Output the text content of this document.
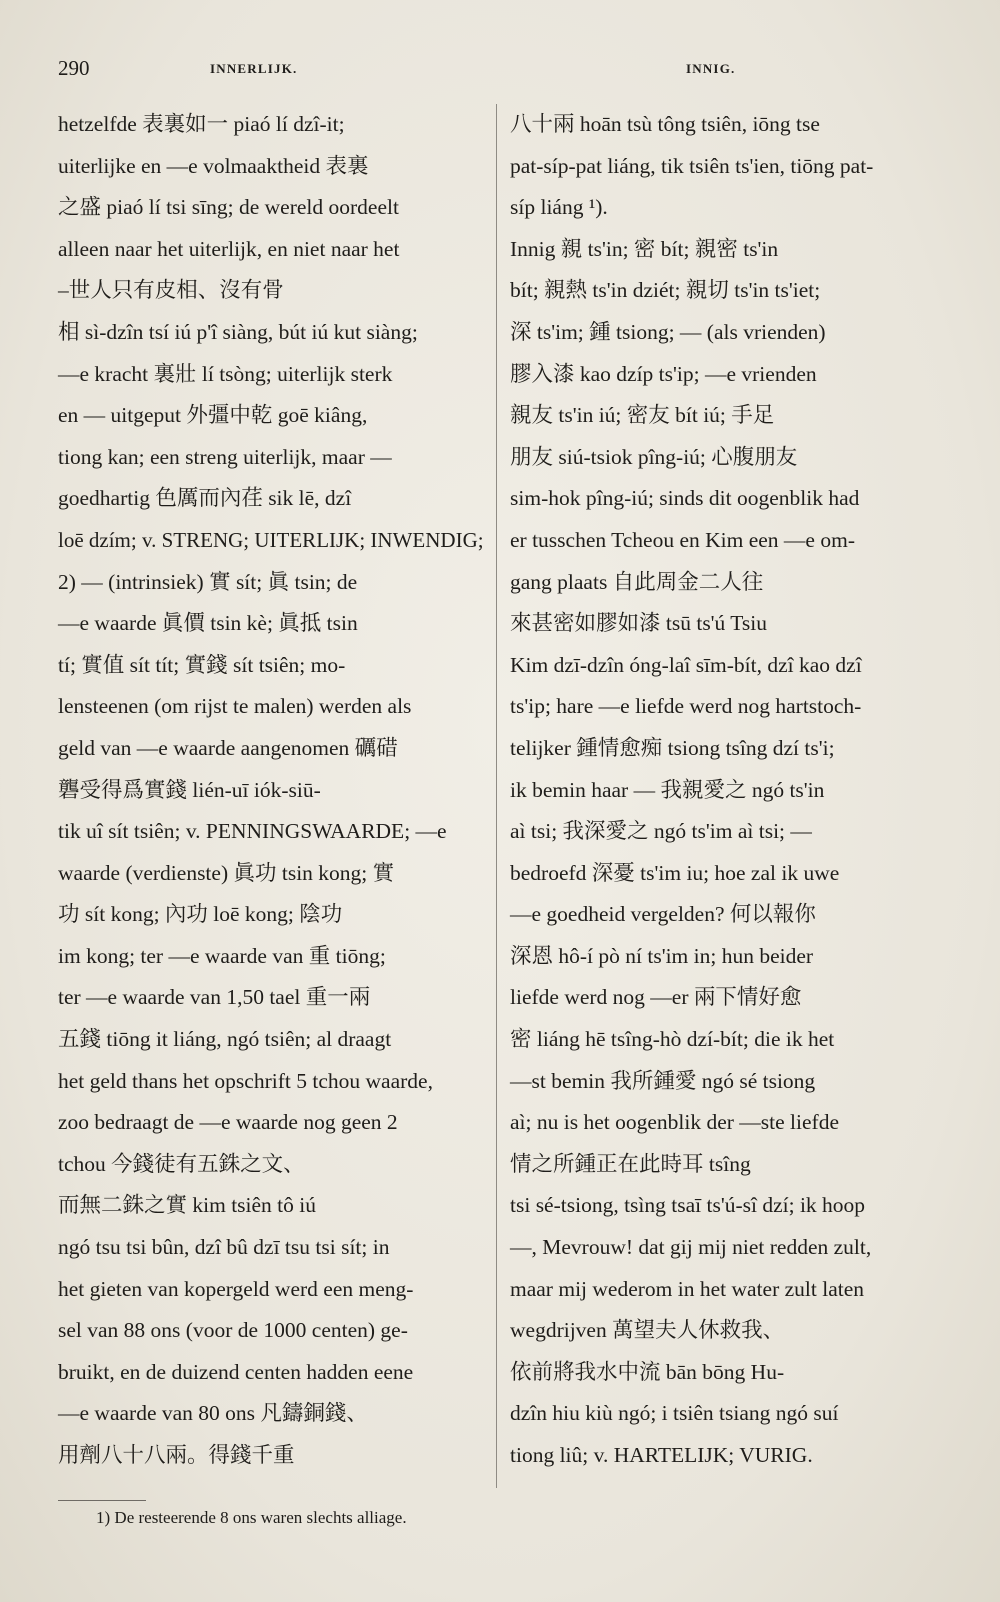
290	INNERLIJK.	INNIG.
hetzelfde 表裏如一 piaó lí dzî-it;
uiterlijke en —e volmaaktheid 表裏
之盛 piaó lí tsi sīng; de wereld oordeelt
alleen naar het uiterlijk, en niet naar het
–世人只有皮相、沒有骨
相 sì-dzîn tsí iú p'î siàng, bút iú kut siàng;
—e kracht 裏壯 lí tsòng; uiterlijk sterk
en — uitgeput 外彊中乾 goē kiâng,
tiong kan; een streng uiterlijk, maar —
goedhartig 色厲而內荏 sik lē, dzî
loē dzím; v. STRENG; UITERLIJK; INWENDIG;
2) — (intrinsiek) 實 sít; 眞 tsin; de
—e waarde 眞價 tsin kè; 眞抵 tsin
tí; 實值 sít tít; 實錢 sít tsiên; mo-
lensteenen (om rijst te malen) werden als
geld van —e waarde aangenomen 礪碏
礱受得爲實錢 lién-uī iók-siū-
tik uî sít tsiên; v. PENNINGSWAARDE; —e
waarde (verdienste) 眞功 tsin kong; 實
功 sít kong; 內功 loē kong; 陰功
im kong; ter —e waarde van 重 tiōng;
ter —e waarde van 1,50 tael 重一兩
五錢 tiōng it liáng, ngó tsiên; al draagt
het geld thans het opschrift 5 tchou waarde,
zoo bedraagt de —e waarde nog geen 2
tchou 今錢徒有五銖之文、
而無二銖之實 kim tsiên tô iú
ngó tsu tsi bûn, dzî bû dzī tsu tsi sít; in
het gieten van kopergeld werd een meng-
sel van 88 ons (voor de 1000 centen) ge-
bruikt, en de duizend centen hadden eene
—e waarde van 80 ons 凡鑄銅錢、
用劑八十八兩。得錢千重
八十兩 hoān tsù tông tsiên, iōng tse
pat-síp-pat liáng, tik tsiên ts'ien, tiōng pat-
síp liáng ¹).
Innig 親 ts'in; 密 bít; 親密 ts'in
bít; 親熱 ts'in dziét; 親切 ts'in ts'iet;
深 ts'im; 鍾 tsiong; — (als vrienden)
膠入漆 kao dzíp ts'ip; —e vrienden
親友 ts'in iú; 密友 bít iú; 手足
朋友 siú-tsiok pîng-iú; 心腹朋友
sim-hok pîng-iú; sinds dit oogenblik had
er tusschen Tcheou en Kim een —e om-
gang plaats 自此周金二人往
來甚密如膠如漆 tsū ts'ú Tsiu
Kim dzī-dzîn óng-laî sīm-bít, dzî kao dzî
ts'ip; hare —e liefde werd nog hartstoch-
telijker 鍾情愈痴 tsiong tsîng dzí ts'i;
ik bemin haar — 我親愛之 ngó ts'in
aì tsi; 我深愛之 ngó ts'im aì tsi; —
bedroefd 深憂 ts'im iu; hoe zal ik uwe
—e goedheid vergelden? 何以報你
深恩 hô-í pò ní ts'im in; hun beider
liefde werd nog —er 兩下情好愈
密 liáng hē tsîng-hò dzí-bít; die ik het
—st bemin 我所鍾愛 ngó sé tsiong
aì; nu is het oogenblik der —ste liefde
情之所鍾正在此時耳 tsîng
tsi sé-tsiong, tsìng tsaī ts'ú-sî dzí; ik hoop
—, Mevrouw! dat gij mij niet redden zult,
maar mij wederom in het water zult laten
wegdrijven 萬望夫人休救我、
依前將我水中流 bān bōng Hu-
dzîn hiu kiù ngó; i tsiên tsiang ngó suí
tiong liû; v. HARTELIJK; VURIG.
1) De resteerende 8 ons waren slechts alliage.
